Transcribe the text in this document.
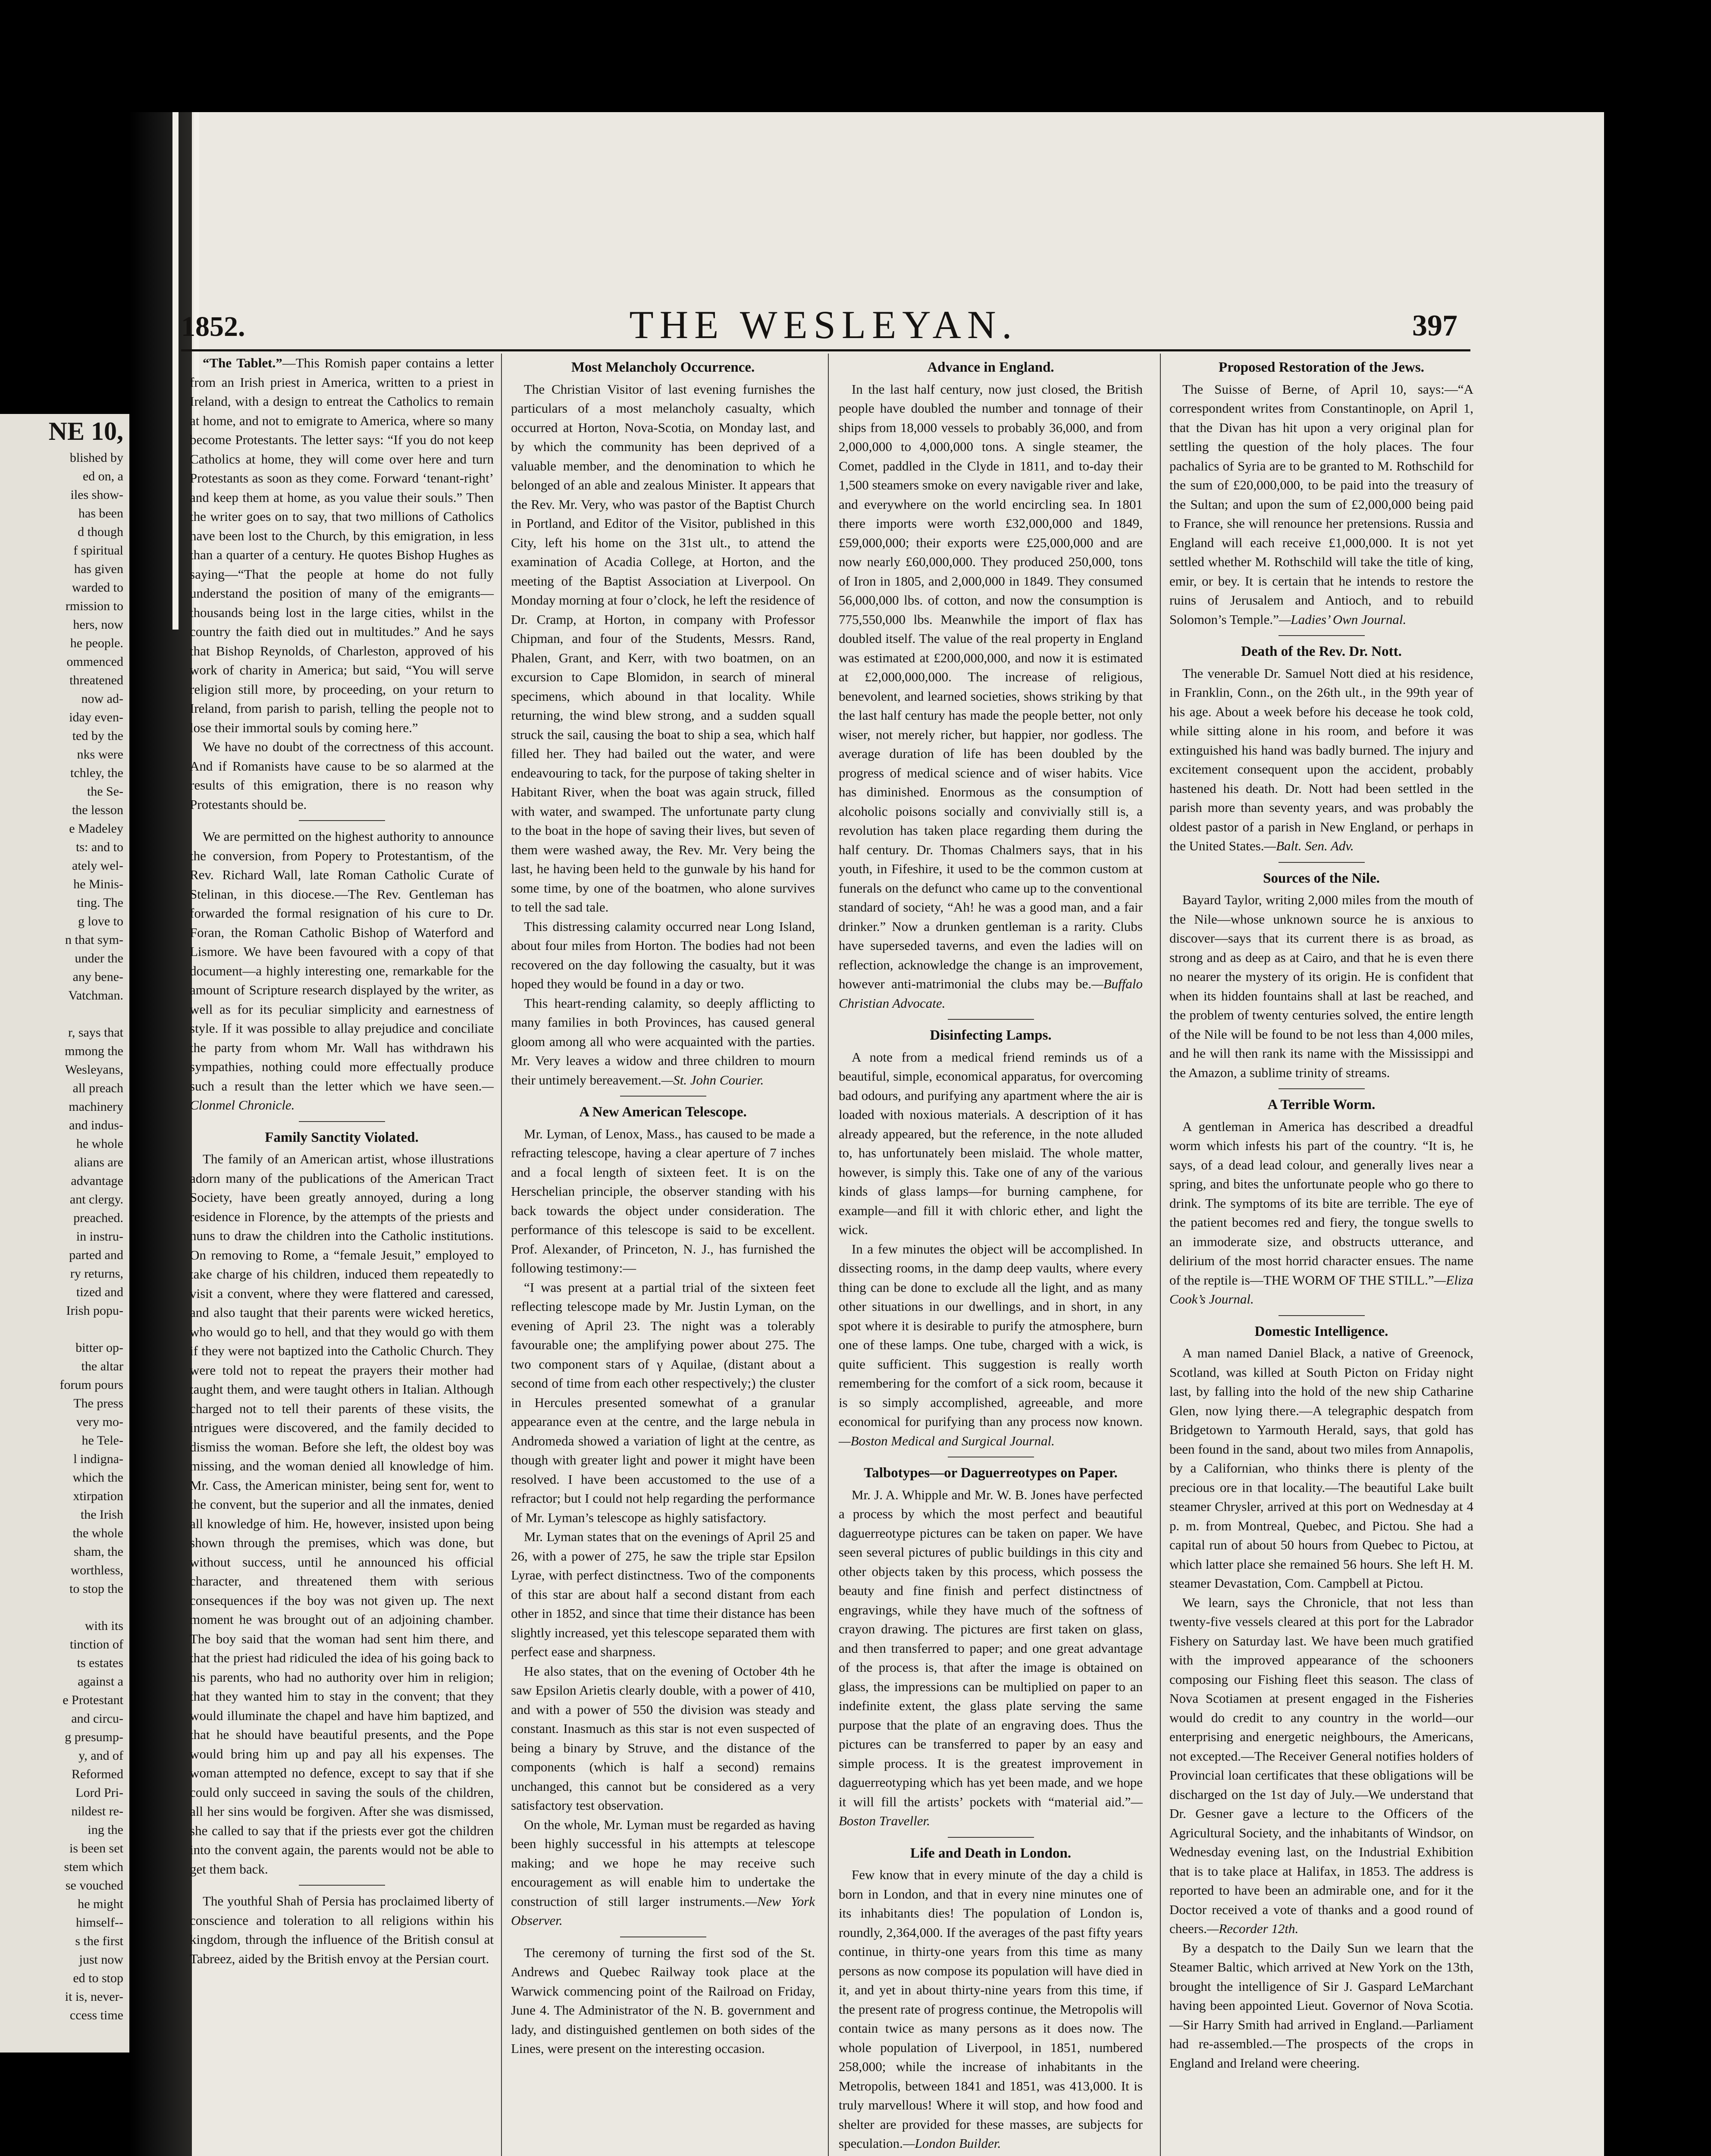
NE 10,
blished by
ed on, a
iles show-
has been
d though
f spiritual
has given
warded to
rmission to
hers, now
he people.
ommenced
threatened
now ad-
iday even-
ted by the
nks were
tchley, the
the Se-
the lesson
e Madeley
ts: and to
ately wel-
he Minis-
ting. The
g love to
n that sym-
under the
any bene-
Vatchman.

r, says that
mmong the
Wesleyans,
all preach
machinery
and indus-
he whole
alians are
advantage
ant clergy.
preached.
in instru-
parted and
ry returns,
tized and
Irish popu-

bitter op-
the altar
forum pours
The press
very mo-
he Tele-
l indigna-
which the
xtirpation
the Irish
the whole
sham, the
worthless,
to stop the

with its
tinction of
ts estates
against a
e Protestant
and circu-
g presump-
y, and of
Reformed
Lord Pri-
nildest re-
ing the
is been set
stem which
se vouched
he might
himself--
s the first
just now
ed to stop
it is, never-
ccess time
1852.	THE WESLEYAN.	397

“The Tablet.”—This Romish paper contains a letter from an Irish priest in America, written to a priest in Ireland, with a design to entreat the Catholics to remain at home, and not to emigrate to America, where so many become Protestants. The letter says: “If you do not keep Catholics at home, they will come over here and turn Protestants as soon as they come. Forward ‘tenant-right’ and keep them at home, as you value their souls.” Then the writer goes on to say, that two millions of Catholics have been lost to the Church, by this emigration, in less than a quarter of a century. He quotes Bishop Hughes as saying—“That the people at home do not fully understand the position of many of the emigrants—thousands being lost in the large cities, whilst in the country the faith died out in multitudes.” And he says that Bishop Reynolds, of Charleston, approved of his work of charity in America; but said, “You will serve religion still more, by proceeding, on your return to Ireland, from parish to parish, telling the people not to lose their immortal souls by coming here.”

We have no doubt of the correctness of this account. And if Romanists have cause to be so alarmed at the results of this emigration, there is no reason why Protestants should be.

We are permitted on the highest authority to announce the conversion, from Popery to Protestantism, of the Rev. Richard Wall, late Roman Catholic Curate of Stelinan, in this diocese.—The Rev. Gentleman has forwarded the formal resignation of his cure to Dr. Foran, the Roman Catholic Bishop of Waterford and Lismore. We have been favoured with a copy of that document—a highly interesting one, remarkable for the amount of Scripture research displayed by the writer, as well as for its peculiar simplicity and earnestness of style. If it was possible to allay prejudice and conciliate the party from whom Mr. Wall has withdrawn his sympathies, nothing could more effectually produce such a result than the letter which we have seen.—Clonmel Chronicle.

Family Sanctity Violated.

The family of an American artist, whose illustrations adorn many of the publications of the American Tract Society, have been greatly annoyed, during a long residence in Florence, by the attempts of the priests and nuns to draw the children into the Catholic institutions. On removing to Rome, a “female Jesuit,” employed to take charge of his children, induced them repeatedly to visit a convent, where they were flattered and caressed, and also taught that their parents were wicked heretics, who would go to hell, and that they would go with them if they were not baptized into the Catholic Church. They were told not to repeat the prayers their mother had taught them, and were taught others in Italian. Although charged not to tell their parents of these visits, the intrigues were discovered, and the family decided to dismiss the woman. Before she left, the oldest boy was missing, and the woman denied all knowledge of him. Mr. Cass, the American minister, being sent for, went to the convent, but the superior and all the inmates, denied all knowledge of him. He, however, insisted upon being shown through the premises, which was done, but without success, until he announced his official character, and threatened them with serious consequences if the boy was not given up. The next moment he was brought out of an adjoining chamber. The boy said that the woman had sent him there, and that the priest had ridiculed the idea of his going back to his parents, who had no authority over him in religion; that they wanted him to stay in the convent; that they would illuminate the chapel and have him baptized, and that he should have beautiful presents, and the Pope would bring him up and pay all his expenses. The woman attempted no defence, except to say that if she could only succeed in saving the souls of the children, all her sins would be forgiven. After she was dismissed, she called to say that if the priests ever got the children into the convent again, the parents would not be able to get them back.

The youthful Shah of Persia has proclaimed liberty of conscience and toleration to all religions within his kingdom, through the influence of the British consul at Tabreez, aided by the British envoy at the Persian court.

Most Melancholy Occurrence.

The Christian Visitor of last evening furnishes the particulars of a most melancholy casualty, which occurred at Horton, Nova-Scotia, on Monday last, and by which the community has been deprived of a valuable member, and the denomination to which he belonged of an able and zealous Minister. It appears that the Rev. Mr. Very, who was pastor of the Baptist Church in Portland, and Editor of the Visitor, published in this City, left his home on the 31st ult., to attend the examination of Acadia College, at Horton, and the meeting of the Baptist Association at Liverpool. On Monday morning at four o’clock, he left the residence of Dr. Cramp, at Horton, in company with Professor Chipman, and four of the Students, Messrs. Rand, Phalen, Grant, and Kerr, with two boatmen, on an excursion to Cape Blomidon, in search of mineral specimens, which abound in that locality. While returning, the wind blew strong, and a sudden squall struck the sail, causing the boat to ship a sea, which half filled her. They had bailed out the water, and were endeavouring to tack, for the purpose of taking shelter in Habitant River, when the boat was again struck, filled with water, and swamped. The unfortunate party clung to the boat in the hope of saving their lives, but seven of them were washed away, the Rev. Mr. Very being the last, he having been held to the gunwale by his hand for some time, by one of the boatmen, who alone survives to tell the sad tale.

This distressing calamity occurred near Long Island, about four miles from Horton. The bodies had not been recovered on the day following the casualty, but it was hoped they would be found in a day or two.

This heart-rending calamity, so deeply afflicting to many families in both Provinces, has caused general gloom among all who were acquainted with the parties. Mr. Very leaves a widow and three children to mourn their untimely bereavement.—St. John Courier.

A New American Telescope.

Mr. Lyman, of Lenox, Mass., has caused to be made a refracting telescope, having a clear aperture of 7 inches and a focal length of sixteen feet. It is on the Herschelian principle, the observer standing with his back towards the object under consideration. The performance of this telescope is said to be excellent. Prof. Alexander, of Princeton, N. J., has furnished the following testimony:—

“I was present at a partial trial of the sixteen feet reflecting telescope made by Mr. Justin Lyman, on the evening of April 23. The night was a tolerably favourable one; the amplifying power about 275. The two component stars of γ Aquilae, (distant about a second of time from each other respectively;) the cluster in Hercules presented somewhat of a granular appearance even at the centre, and the large nebula in Andromeda showed a variation of light at the centre, as though with greater light and power it might have been resolved. I have been accustomed to the use of a refractor; but I could not help regarding the performance of Mr. Lyman’s telescope as highly satisfactory.

Mr. Lyman states that on the evenings of April 25 and 26, with a power of 275, he saw the triple star Epsilon Lyrae, with perfect distinctness. Two of the components of this star are about half a second distant from each other in 1852, and since that time their distance has been slightly increased, yet this telescope separated them with perfect ease and sharpness.

He also states, that on the evening of October 4th he saw Epsilon Arietis clearly double, with a power of 410, and with a power of 550 the division was steady and constant. Inasmuch as this star is not even suspected of being a binary by Struve, and the distance of the components (which is half a second) remains unchanged, this cannot but be considered as a very satisfactory test observation.

On the whole, Mr. Lyman must be regarded as having been highly successful in his attempts at telescope making; and we hope he may receive such encouragement as will enable him to undertake the construction of still larger instruments.—New York Observer.

The ceremony of turning the first sod of the St. Andrews and Quebec Railway took place at the Warwick commencing point of the Railroad on Friday, June 4. The Administrator of the N. B. government and lady, and distinguished gentlemen on both sides of the Lines, were present on the interesting occasion.

Advance in England.

In the last half century, now just closed, the British people have doubled the number and tonnage of their ships from 18,000 vessels to probably 36,000, and from 2,000,000 to 4,000,000 tons. A single steamer, the Comet, paddled in the Clyde in 1811, and to-day their 1,500 steamers smoke on every navigable river and lake, and everywhere on the world encircling sea. In 1801 there imports were worth £32,000,000 and 1849, £59,000,000; their exports were £25,000,000 and are now nearly £60,000,000. They produced 250,000, tons of Iron in 1805, and 2,000,000 in 1849. They consumed 56,000,000 lbs. of cotton, and now the consumption is 775,550,000 lbs. Meanwhile the import of flax has doubled itself. The value of the real property in England was estimated at £200,000,000, and now it is estimated at £2,000,000,000. The increase of religious, benevolent, and learned societies, shows striking by that the last half century has made the people better, not only wiser, not merely richer, but happier, nor godless. The average duration of life has been doubled by the progress of medical science and of wiser habits. Vice has diminished. Enormous as the consumption of alcoholic poisons socially and convivially still is, a revolution has taken place regarding them during the half century. Dr. Thomas Chalmers says, that in his youth, in Fifeshire, it used to be the common custom at funerals on the defunct who came up to the conventional standard of society, “Ah! he was a good man, and a fair drinker.” Now a drunken gentleman is a rarity. Clubs have superseded taverns, and even the ladies will on reflection, acknowledge the change is an improvement, however anti-matrimonial the clubs may be.—Buffalo Christian Advocate.

Disinfecting Lamps.

A note from a medical friend reminds us of a beautiful, simple, economical apparatus, for overcoming bad odours, and purifying any apartment where the air is loaded with noxious materials. A description of it has already appeared, but the reference, in the note alluded to, has unfortunately been mislaid. The whole matter, however, is simply this. Take one of any of the various kinds of glass lamps—for burning camphene, for example—and fill it with chloric ether, and light the wick.

In a few minutes the object will be accomplished. In dissecting rooms, in the damp deep vaults, where every thing can be done to exclude all the light, and as many other situations in our dwellings, and in short, in any spot where it is desirable to purify the atmosphere, burn one of these lamps. One tube, charged with a wick, is quite sufficient. This suggestion is really worth remembering for the comfort of a sick room, because it is so simply accomplished, agreeable, and more economical for purifying than any process now known.—Boston Medical and Surgical Journal.

Talbotypes—or Daguerreotypes on Paper.

Mr. J. A. Whipple and Mr. W. B. Jones have perfected a process by which the most perfect and beautiful daguerreotype pictures can be taken on paper. We have seen several pictures of public buildings in this city and other objects taken by this process, which possess the beauty and fine finish and perfect distinctness of engravings, while they have much of the softness of crayon drawing. The pictures are first taken on glass, and then transferred to paper; and one great advantage of the process is, that after the image is obtained on glass, the impressions can be multiplied on paper to an indefinite extent, the glass plate serving the same purpose that the plate of an engraving does. Thus the pictures can be transferred to paper by an easy and simple process. It is the greatest improvement in daguerreotyping which has yet been made, and we hope it will fill the artists’ pockets with “material aid.”—Boston Traveller.

Life and Death in London.

Few know that in every minute of the day a child is born in London, and that in every nine minutes one of its inhabitants dies! The population of London is, roundly, 2,364,000. If the averages of the past fifty years continue, in thirty-one years from this time as many persons as now compose its population will have died in it, and yet in about thirty-nine years from this time, if the present rate of progress continue, the Metropolis will contain twice as many persons as it does now. The whole population of Liverpool, in 1851, numbered 258,000; while the increase of inhabitants in the Metropolis, between 1841 and 1851, was 413,000. It is truly marvellous! Where it will stop, and how food and shelter are provided for these masses, are subjects for speculation.—London Builder.

Proposed Restoration of the Jews.

The Suisse of Berne, of April 10, says:—“A correspondent writes from Constantinople, on April 1, that the Divan has hit upon a very original plan for settling the question of the holy places. The four pachalics of Syria are to be granted to M. Rothschild for the sum of £20,000,000, to be paid into the treasury of the Sultan; and upon the sum of £2,000,000 being paid to France, she will renounce her pretensions. Russia and England will each receive £1,000,000. It is not yet settled whether M. Rothschild will take the title of king, emir, or bey. It is certain that he intends to restore the ruins of Jerusalem and Antioch, and to rebuild Solomon’s Temple.”—Ladies’ Own Journal.

Death of the Rev. Dr. Nott.

The venerable Dr. Samuel Nott died at his residence, in Franklin, Conn., on the 26th ult., in the 99th year of his age. About a week before his decease he took cold, while sitting alone in his room, and before it was extinguished his hand was badly burned. The injury and excitement consequent upon the accident, probably hastened his death. Dr. Nott had been settled in the parish more than seventy years, and was probably the oldest pastor of a parish in New England, or perhaps in the United States.—Balt. Sen. Adv.

Sources of the Nile.

Bayard Taylor, writing 2,000 miles from the mouth of the Nile—whose unknown source he is anxious to discover—says that its current there is as broad, as strong and as deep as at Cairo, and that he is even there no nearer the mystery of its origin. He is confident that when its hidden fountains shall at last be reached, and the problem of twenty centuries solved, the entire length of the Nile will be found to be not less than 4,000 miles, and he will then rank its name with the Mississippi and the Amazon, a sublime trinity of streams.

A Terrible Worm.

A gentleman in America has described a dreadful worm which infests his part of the country. “It is, he says, of a dead lead colour, and generally lives near a spring, and bites the unfortunate people who go there to drink. The symptoms of its bite are terrible. The eye of the patient becomes red and fiery, the tongue swells to an immoderate size, and obstructs utterance, and delirium of the most horrid character ensues. The name of the reptile is—THE WORM OF THE STILL.”—Eliza Cook’s Journal.

Domestic Intelligence.

A man named Daniel Black, a native of Greenock, Scotland, was killed at South Picton on Friday night last, by falling into the hold of the new ship Catharine Glen, now lying there.—A telegraphic despatch from Bridgetown to Yarmouth Herald, says, that gold has been found in the sand, about two miles from Annapolis, by a Californian, who thinks there is plenty of the precious ore in that locality.—The beautiful Lake built steamer Chrysler, arrived at this port on Wednesday at 4 p. m. from Montreal, Quebec, and Pictou. She had a capital run of about 50 hours from Quebec to Pictou, at which latter place she remained 56 hours. She left H. M. steamer Devastation, Com. Campbell at Pictou.

We learn, says the Chronicle, that not less than twenty-five vessels cleared at this port for the Labrador Fishery on Saturday last. We have been much gratified with the improved appearance of the schooners composing our Fishing fleet this season. The class of Nova Scotiamen at present engaged in the Fisheries would do credit to any country in the world—our enterprising and energetic neighbours, the Americans, not excepted.—The Receiver General notifies holders of Provincial loan certificates that these obligations will be discharged on the 1st day of July.—We understand that Dr. Gesner gave a lecture to the Officers of the Agricultural Society, and the inhabitants of Windsor, on Wednesday evening last, on the Industrial Exhibition that is to take place at Halifax, in 1853. The address is reported to have been an admirable one, and for it the Doctor received a vote of thanks and a good round of cheers.—Recorder 12th.

By a despatch to the Daily Sun we learn that the Steamer Baltic, which arrived at New York on the 13th, brought the intelligence of Sir J. Gaspard LeMarchant having been appointed Lieut. Governor of Nova Scotia.—Sir Harry Smith had arrived in England.—Parliament had re-assembled.—The prospects of the crops in England and Ireland were cheering.
